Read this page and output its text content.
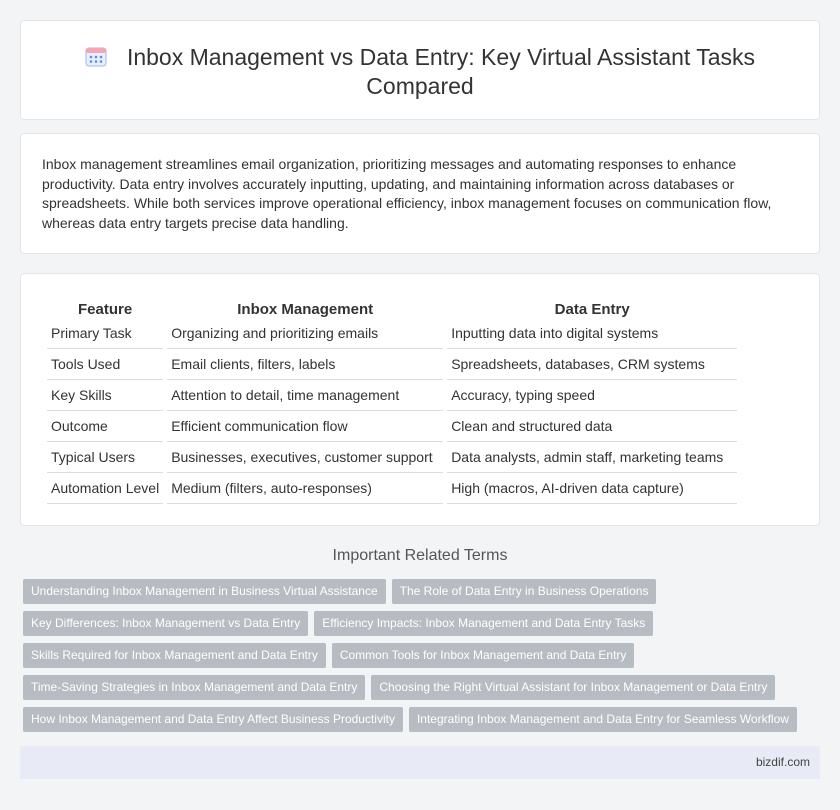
Inbox Management vs Data Entry: Key Virtual Assistant Tasks Compared
Inbox management streamlines email organization, prioritizing messages and automating responses to enhance productivity. Data entry involves accurately inputting, updating, and maintaining information across databases or spreadsheets. While both services improve operational efficiency, inbox management focuses on communication flow, whereas data entry targets precise data handling.
Feature	Inbox Management	Data Entry
Primary Task	Organizing and prioritizing emails	Inputting data into digital systems
Tools Used	Email clients, filters, labels	Spreadsheets, databases, CRM systems
Key Skills	Attention to detail, time management	Accuracy, typing speed
Outcome	Efficient communication flow	Clean and structured data
Typical Users	Businesses, executives, customer support	Data analysts, admin staff, marketing teams
Automation Level	Medium (filters, auto-responses)	High (macros, AI-driven data capture)
Important Related Terms
Understanding Inbox Management in Business Virtual Assistance The Role of Data Entry in Business Operations
Key Differences: Inbox Management vs Data Entry Efficiency Impacts: Inbox Management and Data Entry Tasks
Skills Required for Inbox Management and Data Entry Common Tools for Inbox Management and Data Entry
Time-Saving Strategies in Inbox Management and Data Entry Choosing the Right Virtual Assistant for Inbox Management or Data Entry
How Inbox Management and Data Entry Affect Business Productivity Integrating Inbox Management and Data Entry for Seamless Workflow
bizdif.com
